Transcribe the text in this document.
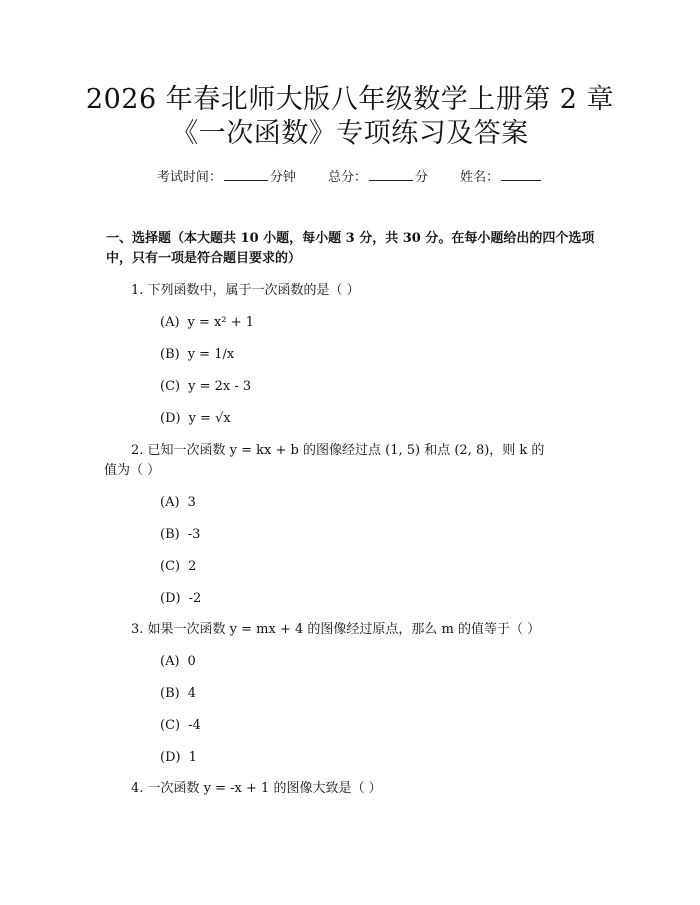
2026 年春北师大版八年级数学上册第 2 章
《一次函数》专项练习及答案
考试时间：	分钟 总分：	分 姓名：
一、选择题（本大题共 10 小题，每小题 3 分，共 30 分。在每小题给出的四个选项中，只有一项是符合题目要求的）
1. 下列函数中，属于一次函数的是（ ）
(A) y = x² + 1
(B) y = 1/x
(C) y = 2x - 3
(D) y = √x
2. 已知一次函数 y = kx + b 的图像经过点 (1, 5) 和点 (2, 8)，则 k 的
值为（ ）
(A) 3
(B) -3
(C) 2
(D) -2
3. 如果一次函数 y = mx + 4 的图像经过原点，那么 m 的值等于（ ）
(A) 0
(B) 4
(C) -4
(D) 1
4. 一次函数 y = -x + 1 的图像大致是（ ）
